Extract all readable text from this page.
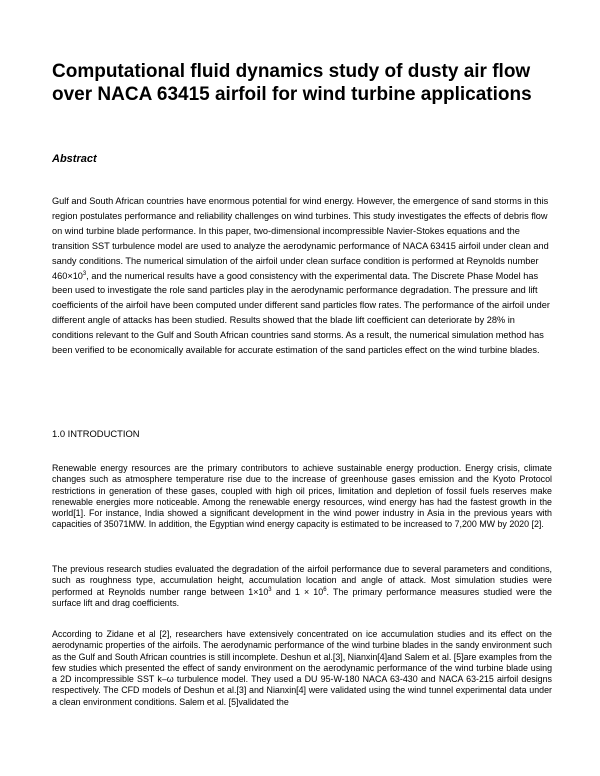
Computational fluid dynamics study of dusty air flow over NACA 63415 airfoil for wind turbine applications
Abstract

Gulf and South African countries have enormous potential for wind energy. However, the emergence of sand storms in this region postulates performance and reliability challenges on wind turbines. This study investigates the effects of debris flow on wind turbine blade performance. In this paper, two-dimensional incompressible Navier-Stokes equations and the transition SST turbulence model are used to analyze the aerodynamic performance of NACA 63415 airfoil under clean and sandy conditions. The numerical simulation of the airfoil under clean surface condition is performed at Reynolds number $460\times 10^3$, and the numerical results have a good consistency with the experimental data. The Discrete Phase Model has been used to investigate the role sand particles play in the aerodynamic performance degradation. The pressure and lift coefficients of the airfoil have been computed under different sand particles flow rates. The performance of the airfoil under different angle of attacks has been studied. Results showed that the blade lift coefficient can deteriorate by 28% in conditions relevant to the Gulf and South African countries sand storms. As a result, the numerical simulation method has been verified to be economically available for accurate estimation of the sand particles effect on the wind turbine blades.

1.0 INTRODUCTION

Renewable energy resources are the primary contributors to achieve sustainable energy production. Energy crisis, climate changes such as atmosphere temperature rise due to the increase of greenhouse gases emission and the Kyoto Protocol restrictions in generation of these gases, coupled with high oil prices, limitation and depletion of fossil fuels reserves make renewable energies more noticeable. Among the renewable energy resources, wind energy has had the fastest growth in the world[1]. For instance, India showed a significant development in the wind power industry in Asia in the previous years with capacities of 35071MW. In addition, the Egyptian wind energy capacity is estimated to be increased to 7,200 MW by 2020 [2].

The previous research studies evaluated the degradation of the airfoil performance due to several parameters and conditions, such as roughness type, accumulation height, accumulation location and angle of attack. Most simulation studies were performed at Reynolds number range between $1\times 10^3$ and $1 \times 10^6$. The primary performance measures studied were the surface lift and drag coefficients.

According to Zidane et al [2], researchers have extensively concentrated on ice accumulation studies and its effect on the aerodynamic properties of the airfoils. The aerodynamic performance of the wind turbine blades in the sandy environment such as the Gulf and South African countries is still incomplete. Deshun et al.[3], Nianxin[4]and Salem et al. [5]are examples from the few studies which presented the effect of sandy environment on the aerodynamic performance of the wind turbine blade using a 2D incompressible SST k–ω turbulence model. They used a DU 95-W-180 NACA 63-430 and NACA 63-215 airfoil designs respectively. The CFD models of Deshun et al.[3] and Nianxin[4] were validated using the wind tunnel experimental data under a clean environment conditions. Salem et al. [5]validated the
